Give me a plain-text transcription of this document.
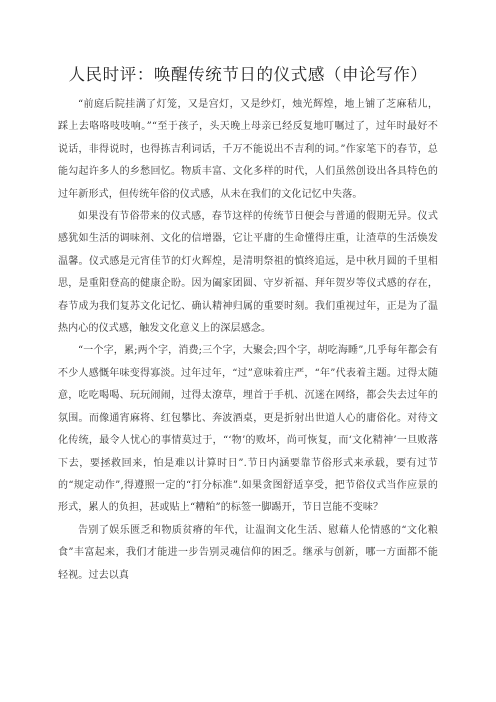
人民时评：唤醒传统节日的仪式感（申论写作）

“前庭后院挂满了灯笼，又是宫灯，又是纱灯，烛光辉煌，地上铺了芝麻秸儿，踩上去咯咯吱吱响。”“至于孩子，头天晚上母亲已经反复地叮嘱过了，过年时最好不说话，非得说时，也得拣吉利词话，千万不能说出不吉利的词。”作家笔下的春节，总能勾起许多人的乡愁回忆。物质丰富、文化多样的时代，人们虽然创设出各具特色的过年新形式，但传统年俗的仪式感，从未在我们的文化记忆中失落。

如果没有节俗带来的仪式感，春节这样的传统节日便会与普通的假期无异。仪式感犹如生活的调味剂、文化的信增器，它让平庸的生命懂得庄重，让渣草的生活焕发温馨。仪式感是元宵佳节的灯火辉煌，是清明祭祖的慎终追远，是中秋月圆的千里相思，是重阳登高的健康企盼。因为阖家团圆、守岁祈福、拜年贺岁等仪式感的存在，春节成为我们复苏文化记忆、确认精神归属的重要时刻。我们重视过年，正是为了温热内心的仪式感，触发文化意义上的深层感念。

“一个字，累;两个字，消费;三个字，大聚会;四个字，胡吃海睡”,几乎每年都会有不少人感慨年味变得寡淡。过年过年，“过”意味着庄严，“年”代表着主题。过得太随意，吃吃喝喝、玩玩闹闹，过得太潦草，埋首于手机、沉迷在网络，都会失去过年的氛围。而像通宵麻将、红包攀比、奔波酒桌，更是折射出世道人心的庸俗化。对待文化传统，最令人忧心的事情莫过于，“‘物’的败坏，尚可恢复，而‘文化精神’一旦败落下去，要拯救回来，怕是难以计算时日”.节日内涵要靠节俗形式来承载，要有过节的“规定动作”,得遵照一定的“打分标准”.如果贪图舒适享受，把节俗仪式当作应景的形式，累人的负担，甚或贴上“糟粕”的标签一脚踢开，节日岂能不变味？

告别了娱乐匮乏和物质贫瘠的年代，让温润文化生活、慰藉人伦情感的“文化粮食”丰富起来，我们才能进一步告别灵魂信仰的困乏。继承与创新，哪一方面都不能轻视。过去以真
